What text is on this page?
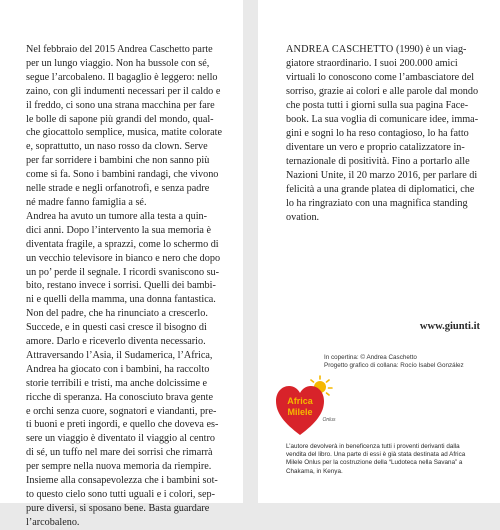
Nel febbraio del 2015 Andrea Caschetto parte
per un lungo viaggio. Non ha bussole con sé,
segue l’arcobaleno. Il bagaglio è leggero: nello
zaino, con gli indumenti necessari per il caldo e
il freddo, ci sono una strana macchina per fare
le bolle di sapone più grandi del mondo, qual-
che giocattolo semplice, musica, matite colorate
e, soprattutto, un naso rosso da clown. Serve
per far sorridere i bambini che non sanno più
come si fa. Sono i bambini randagi, che vivono
nelle strade e negli orfanotrofi, e senza padre
né madre fanno famiglia a sé.
Andrea ha avuto un tumore alla testa a quin-
dici anni. Dopo l’intervento la sua memoria è
diventata fragile, a sprazzi, come lo schermo di
un vecchio televisore in bianco e nero che dopo
un po’ perde il segnale. I ricordi svaniscono su-
bito, restano invece i sorrisi. Quelli dei bambi-
ni e quelli della mamma, una donna fantastica.
Non del padre, che ha rinunciato a crescerlo.
Succede, e in questi casi cresce il bisogno di
amore. Darlo e riceverlo diventa necessario.
Attraversando l’Asia, il Sudamerica, l’Africa,
Andrea ha giocato con i bambini, ha raccolto
storie terribili e tristi, ma anche dolcissime e
ricche di speranza. Ha conosciuto brava gente
e orchi senza cuore, sognatori e viandanti, pre-
ti buoni e preti ingordi, e quello che doveva es-
sere un viaggio è diventato il viaggio al centro
di sé, un tuffo nel mare dei sorrisi che rimarrà
per sempre nella nuova memoria da riempire.
Insieme alla consapevolezza che i bambini sot-
to questo cielo sono tutti uguali e i colori, sep-
pure diversi, si sposano bene. Basta guardare
l’arcobaleno.

ANDREA CASCHETTO (1990) è un viag-
giatore straordinario. I suoi 200.000 amici
virtuali lo conoscono come l’ambasciatore del
sorriso, grazie ai colori e alle parole dal mondo
che posta tutti i giorni sulla sua pagina Face-
book. La sua voglia di comunicare idee, imma-
gini e sogni lo ha reso contagioso, lo ha fatto
diventare un vero e proprio catalizzatore in-
ternazionale di positività. Fino a portarlo alle
Nazioni Unite, il 20 marzo 2016, per parlare di
felicità a una grande platea di diplomatici, che
lo ha ringraziato con una magnifica standing
ovation.

www.giunti.it
In copertina: © Andrea Caschetto
Progetto grafico di collana: Rocío Isabel González
Africa
Milele
Onlus

L’autore devolverà in beneficenza tutti i proventi derivanti dalla
vendita del libro. Una parte di essi è già stata destinata ad Africa
Milele Onlus per la costruzione della “Ludoteca nella Savana” a
Chakama, in Kenya.
